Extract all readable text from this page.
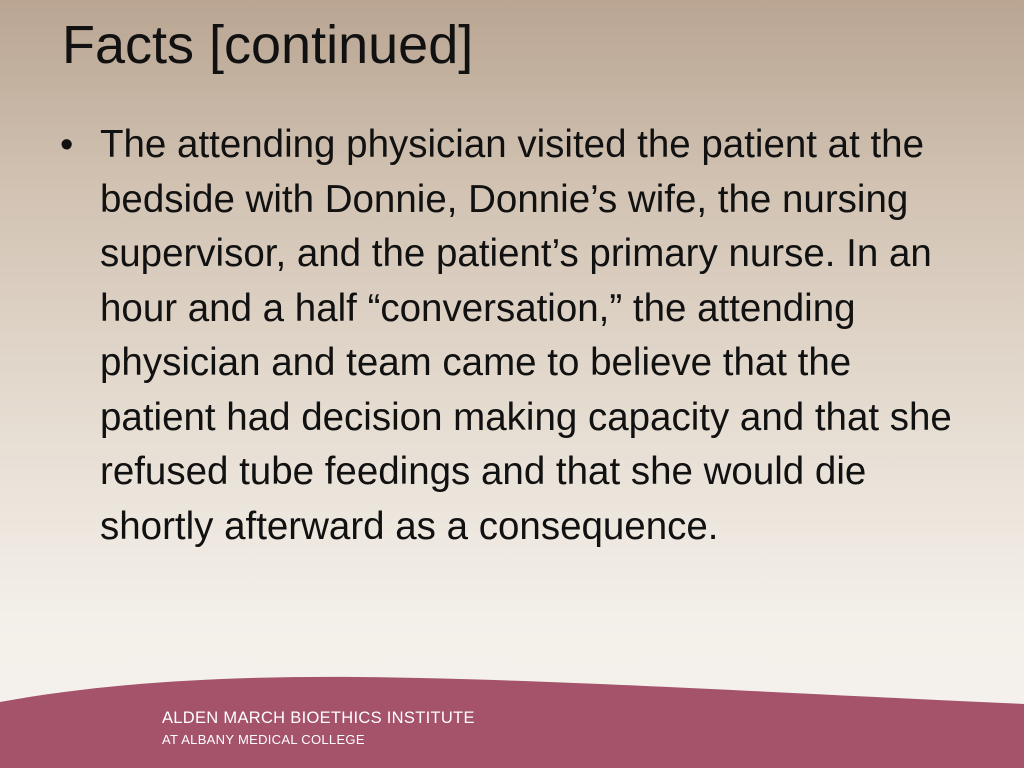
Facts [continued]
• The attending physician visited the patient at the bedside with Donnie, Donnie’s wife, the nursing supervisor, and the patient’s primary nurse. In an hour and a half “conversation,” the attending physician and team came to believe that the patient had decision making capacity and that she refused tube feedings and that she would die shortly afterward as a consequence.
ALDEN MARCH BIOETHICS INSTITUTE
AT ALBANY MEDICAL COLLEGE
